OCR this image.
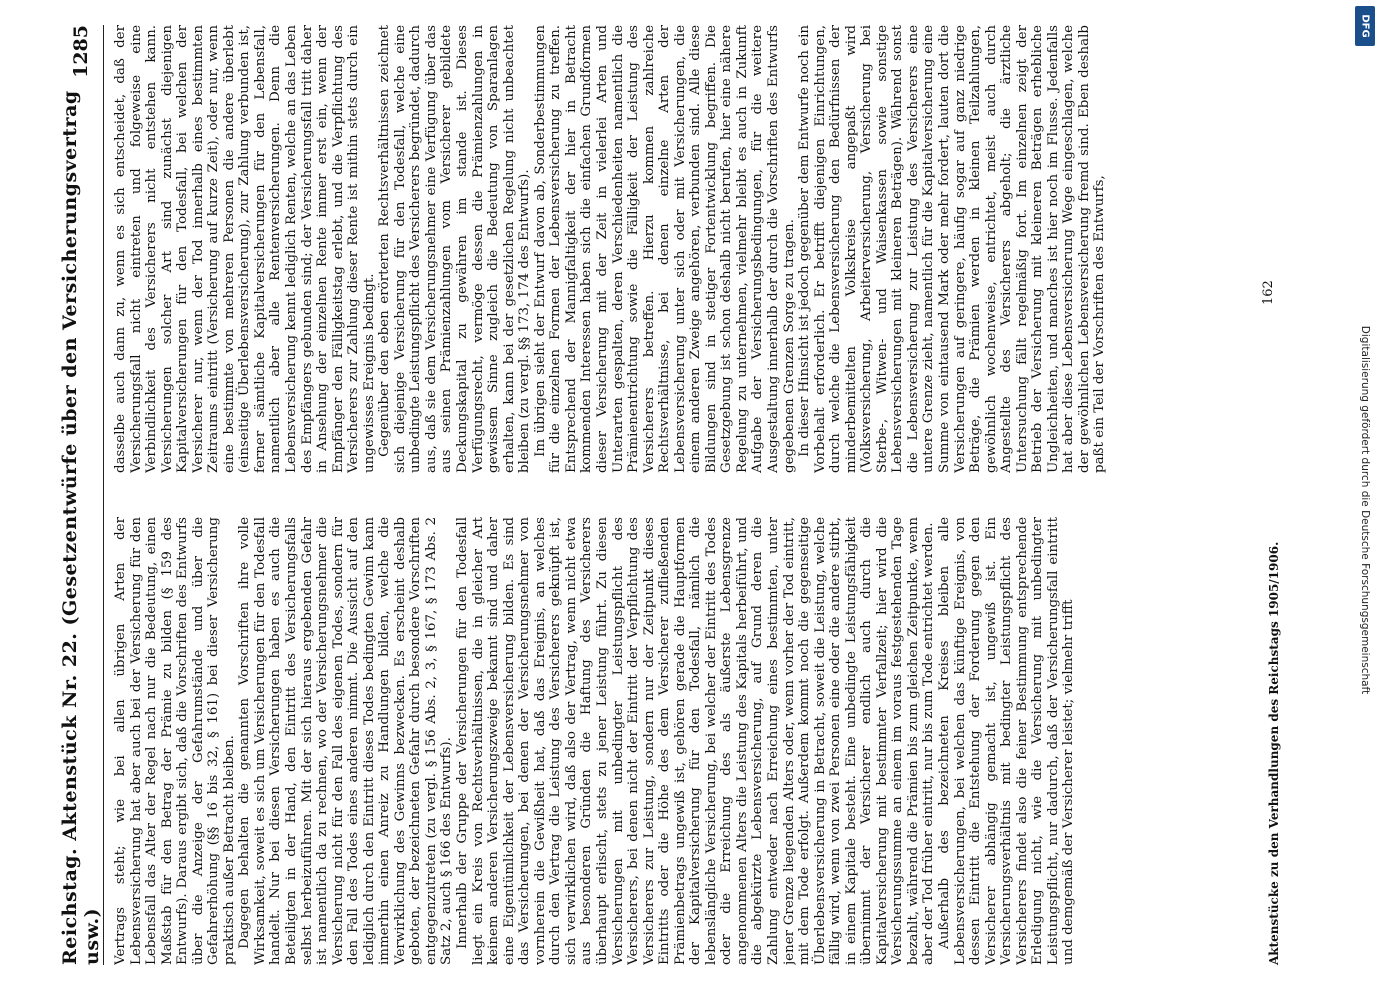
Reichstag. Aktenstück Nr. 22. (Gesetzentwürfe über den Versicherungsvertrag usw.)
1285

Vertrags steht; wie bei allen übrigen Arten der Lebensversicherung hat aber auch bei der Versicherung für den Lebensfall das Alter der Regel nach nur die Bedeutung, einen Maßstab für den Betrag der Prämie zu bilden (§ 159 des Entwurfs). Daraus ergibt sich, daß die Vorschriften des Entwurfs über die Anzeige der Gefahrumstände und über die Gefahrerhöhung (§§ 16 bis 32, § 161) bei dieser Versicherung praktisch außer Betracht bleiben. Dagegen behalten die genannten Vorschriften ihre volle Wirksamkeit, soweit es sich um Versicherungen für den Todesfall handelt. Nur bei diesen Versicherungen haben es auch die Beteiligten in der Hand, den Eintritt des Versicherungsfalls selbst herbeizuführen. Mit der sich hieraus ergebenden Gefahr ist namentlich da zu rechnen, wo der Versicherungsnehmer die Versicherung nicht für den Fall des eigenen Todes, sondern für den Fall des Todes eines anderen nimmt. Die Aussicht auf den lediglich durch den Eintritt dieses Todes bedingten Gewinn kann immerhin einen Anreiz zu Handlungen bilden, welche die Verwirklichung des Gewinns bezwecken. Es erscheint deshalb geboten, der bezeichneten Gefahr durch besondere Vorschriften entgegenzutreten (zu vergl. § 156 Abs. 2, 3, § 167, § 173 Abs. 2 Satz 2, auch § 166 des Entwurfs). Innerhalb der Gruppe der Versicherungen für den Todesfall liegt ein Kreis von Rechtsverhältnissen, die in gleicher Art keinem anderen Versicherungszweige bekannt sind und daher eine Eigentümlichkeit der Lebensversicherung bilden. Es sind das Versicherungen, bei denen der Versicherungsnehmer von vornherein die Gewißheit hat, daß das Ereignis, an welches durch den Vertrag die Leistung des Versicherers geknüpft ist, sich verwirklichen wird, daß also der Vertrag, wenn nicht etwa aus besonderen Gründen die Haftung des Versicherers überhaupt erlischt, stets zu jener Leistung führt. Zu diesen Versicherungen mit unbedingter Leistungspflicht des Versicherers, bei denen nicht der Eintritt der Verpflichtung des Versicherers zur Leistung, sondern nur der Zeitpunkt dieses Eintritts oder die Höhe des dem Versicherer zufließenden Prämienbetrags ungewiß ist, gehören gerade die Hauptformen der Kapitalversicherung für den Todesfall, nämlich die lebenslängliche Versicherung, bei welcher der Eintritt des Todes oder die Erreichung des als äußerste Lebensgrenze angenommenen Alters die Leistung des Kapitals herbeiführt, und die abgekürzte Lebensversicherung, auf Grund deren die Zahlung entweder nach Erreichung eines bestimmten, unter jener Grenze liegenden Alters oder, wenn vorher der Tod eintritt, mit dem Tode erfolgt. Außerdem kommt noch die gegenseitige Überlebensversicherung in Betracht, soweit die Leistung, welche fällig wird, wenn von zwei Personen eine oder die andere stirbt, in einem Kapitale besteht. Eine unbedingte Leistungsfähigkeit übernimmt der Versicherer endlich auch durch die Kapitalversicherung mit bestimmter Verfallzeit; hier wird die Versicherungssumme an einem im voraus festgestehenden Tage bezahlt, während die Prämien bis zum gleichen Zeitpunkte, wenn aber der Tod früher eintritt, nur bis zum Tode entrichtet werden. Außerhalb des bezeichneten Kreises bleiben alle Lebensversicherungen, bei welchen das künftige Ereignis, von dessen Eintritt die Entstehung der Forderung gegen den Versicherer abhängig gemacht ist, ungewiß ist. Ein Versicherungsverhältnis mit bedingter Leistungspflicht des Versicherers findet also die feiner Bestimmung entsprechende Erledigung nicht, wie die Versicherung mit unbedingter Leistungspflicht, nur dadurch, daß der Versicherungsfall eintritt und demgemäß der Versicherer leistet; vielmehr trifft

dasselbe auch dann zu, wenn es sich entscheidet, daß der Versicherungsfall nicht eintreten und folgeweise eine Verbindlichkeit des Versicherers nicht entstehen kann. Versicherungen solcher Art sind zunächst diejenigen Kapitalversicherungen für den Todesfall, bei welchen der Versicherer nur, wenn der Tod innerhalb eines bestimmten Zeitraums eintritt (Versicherung auf kurze Zeit), oder nur, wenn eine bestimmte von mehreren Personen die andere überlebt (einseitige Überlebensversicherung), zur Zahlung verbunden ist, ferner sämtliche Kapitalversicherungen für den Lebensfall, namentlich aber alle Rentenversicherungen. Denn die Lebensversicherung kennt lediglich Renten, welche an das Leben des Empfängers gebunden sind; der Versicherungsfall tritt daher in Ansehung der einzelnen Rente immer erst ein, wenn der Empfänger den Fälligkeitstag erlebt, und die Verpflichtung des Versicherers zur Zahlung dieser Rente ist mithin stets durch ein ungewisses Ereignis bedingt. Gegenüber den eben erörterten Rechtsverhältnissen zeichnet sich diejenige Versicherung für den Todesfall, welche eine unbedingte Leistungspflicht des Versicherers begründet, dadurch aus, daß sie dem Versicherungsnehmer eine Verfügung über das aus seinen Prämienzahlungen vom Versicherer gebildete Deckungskapital zu gewähren im stande ist. Dieses Verfügungsrecht, vermöge dessen die Prämienzahlungen in gewissem Sinne zugleich die Bedeutung von Sparanlagen erhalten, kann bei der gesetzlichen Regelung nicht unbeachtet bleiben (zu vergl. §§ 173, 174 des Entwurfs). Im übrigen sieht der Entwurf davon ab, Sonderbestimmungen für die einzelnen Formen der Lebensversicherung zu treffen. Entsprechend der Mannigfaltigkeit der hier in Betracht kommenden Interessen haben sich die einfachen Grundformen dieser Versicherung mit der Zeit in vielerlei Arten und Unterarten gespalten, deren Verschiedenheiten namentlich die Prämienentrichtung sowie die Fälligkeit der Leistung des Versicherers betreffen. Hierzu kommen zahlreiche Rechtsverhältnisse, bei denen einzelne Arten der Lebensversicherung unter sich oder mit Versicherungen, die einem anderen Zweige angehören, verbunden sind. Alle diese Bildungen sind in stetiger Fortentwicklung begriffen. Die Gesetzgebung ist schon deshalb nicht berufen, hier eine nähere Regelung zu unternehmen, vielmehr bleibt es auch in Zukunft Aufgabe der Versicherungsbedingungen, für die weitere Ausgestaltung innerhalb der durch die Vorschriften des Entwurfs gegebenen Grenzen Sorge zu tragen. In dieser Hinsicht ist jedoch gegenüber dem Entwurfe noch ein Vorbehalt erforderlich. Er betrifft diejenigen Einrichtungen, durch welche die Lebensversicherung den Bedürfnissen der minderbemittelten Volkskreise angepaßt wird (Volksversicherung, Arbeiterversicherung, Versicherung bei Sterbe-, Witwen- und Waisenkassen sowie sonstige Lebensversicherungen mit kleineren Beträgen). Während sonst die Lebensversicherung zur Leistung des Versicherers eine untere Grenze zieht, namentlich für die Kapitalversicherung eine Summe von eintausend Mark oder mehr fordert, lauten dort die Versicherungen auf geringere, häufig sogar auf ganz niedrige Beträge, die Prämien werden in kleinen Teilzahlungen, gewöhnlich wochenweise, entrichtet, meist auch durch Angestellte des Versicherers abgeholt; die ärztliche Untersuchung fällt regelmäßig fort. Im einzelnen zeigt der Betrieb der Versicherung mit kleineren Beträgen erhebliche Ungleichheiten, und manches ist hier noch im Flusse. Jedenfalls hat aber diese Lebensversicherung Wege eingeschlagen, welche der gewöhnlichen Lebensversicherung fremd sind. Eben deshalb paßt ein Teil der Vorschriften des Entwurfs,

Aktenstücke zu den Verhandlungen des Reichstags 1905/1906.
162
DFG
Digitalisierung gefördert durch die Deutsche Forschungsgemeinschaft
